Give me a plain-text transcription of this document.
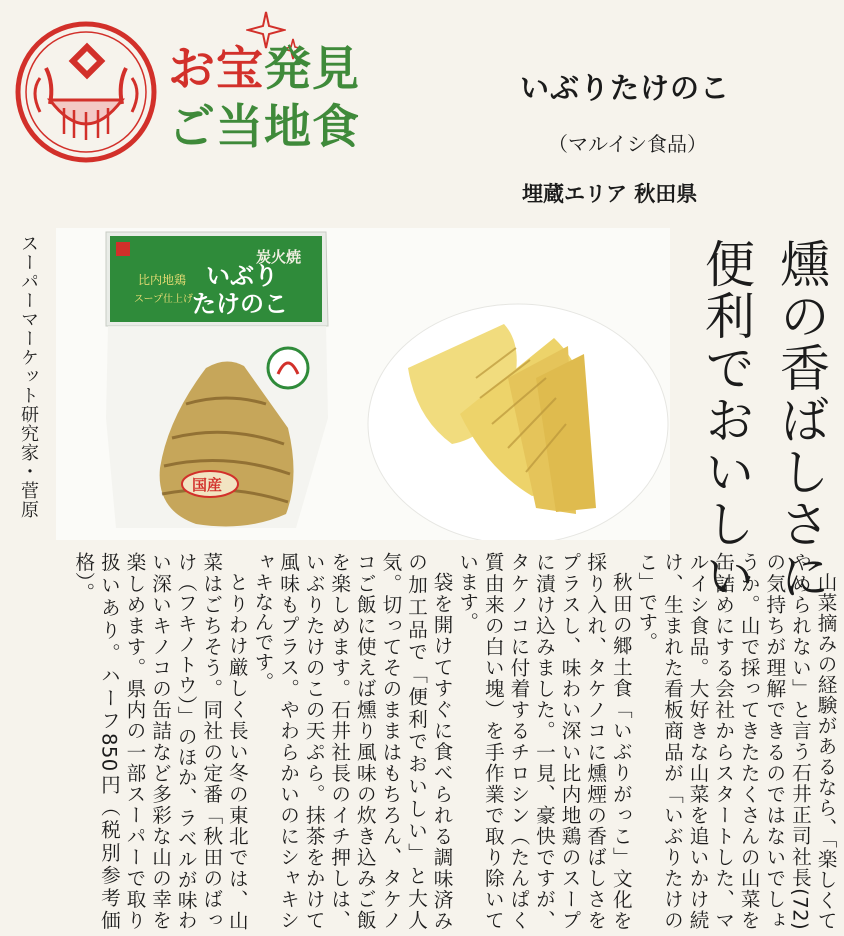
お宝発見
ご当地食
いぶりたけのこ
（マルイシ食品）
埋蔵エリア 秋田県
スーパーマーケット研究家・菅原
炭火焼
いぶり
たけのこ
比内地鶏
スープ仕上げ
国産	燻の香ばしさに
便利でおいしい

山菜摘みの経験があるなら、「楽しくてやめられない」と言う石井正司社長(72)の気持ちが理解できるのではないでしょうか。山で採ってきたたくさんの山菜を缶詰めにする会社からスタートした、マルイシ食品。大好きな山菜を追いかけ続け、生まれた看板商品が「いぶりたけのこ」です。

秋田の郷土食「いぶりがっこ」文化を採り入れ、タケノコに燻煙の香ばしさをプラスし、味わい深い比内地鶏のスープに漬け込みました。一見、豪快ですが、タケノコに付着するチロシン（たんぱく質由来の白い塊）を手作業で取り除いています。

袋を開けてすぐに食べられる調味済みの加工品で「便利でおいしい」と大人気。切ってそのままはもちろん、タケノコご飯に使えば燻り風味の炊き込みご飯を楽しめます。石井社長のイチ押しは、いぶりたけのこの天ぷら。抹茶をかけて風味もプラス。やわらかいのにシャキシャキなんです。

とりわけ厳しく長い冬の東北では、山菜はごちそう。同社の定番「秋田のばっけ（フキノトウ）」のほか、ラベルが味わい深いキノコの缶詰など多彩な山の幸を楽しめます。県内の一部スーパーで取り扱いあり。ハーフ850円（税別参考価格）。
